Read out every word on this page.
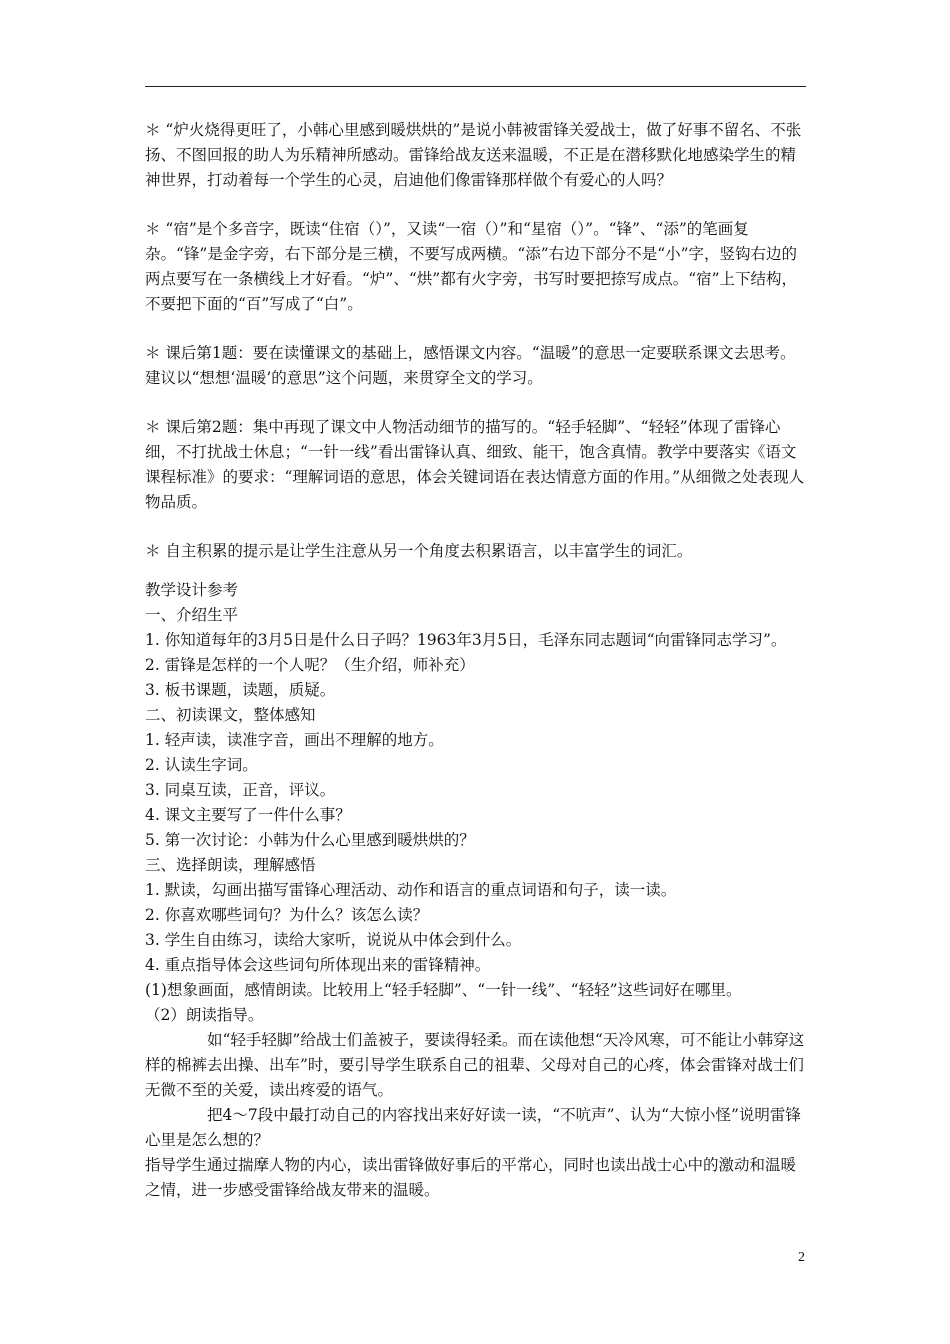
＊ “炉火烧得更旺了，小韩心里感到暖烘烘的”是说小韩被雷锋关爱战士，做了好事不留名、不张扬、不图回报的助人为乐精神所感动。雷锋给战友送来温暖，不正是在潜移默化地感染学生的精神世界，打动着每一个学生的心灵，启迪他们像雷锋那样做个有爱心的人吗？

＊ “宿”是个多音字，既读“住宿（）”，又读“一宿（）”和“星宿（）”。“锋”、“添”的笔画复杂。“锋”是金字旁，右下部分是三横，不要写成两横。“添”右边下部分不是“小”字，竖钩右边的两点要写在一条横线上才好看。“炉”、“烘”都有火字旁，书写时要把捺写成点。“宿”上下结构，不要把下面的“百”写成了“白”。

＊ 课后第1题：要在读懂课文的基础上，感悟课文内容。“温暖”的意思一定要联系课文去思考。建议以“想想‘温暖’的意思”这个问题，来贯穿全文的学习。

＊ 课后第2题：集中再现了课文中人物活动细节的描写的。“轻手轻脚”、“轻轻”体现了雷锋心细，不打扰战士休息；“一针一线”看出雷锋认真、细致、能干，饱含真情。教学中要落实《语文课程标准》的要求：“理解词语的意思，体会关键词语在表达情意方面的作用。”从细微之处表现人物品质。

＊ 自主积累的提示是让学生注意从另一个角度去积累语言，以丰富学生的词汇。

教学设计参考

一、介绍生平

1. 你知道每年的3月5日是什么日子吗？1963年3月5日，毛泽东同志题词“向雷锋同志学习”。

2. 雷锋是怎样的一个人呢？（生介绍，师补充）

3. 板书课题，读题，质疑。

二、初读课文，整体感知

1. 轻声读，读准字音，画出不理解的地方。

2. 认读生字词。

3. 同桌互读，正音，评议。

4. 课文主要写了一件什么事？

5. 第一次讨论：小韩为什么心里感到暖烘烘的？

三、选择朗读，理解感悟

1. 默读，勾画出描写雷锋心理活动、动作和语言的重点词语和句子，读一读。

2. 你喜欢哪些词句？为什么？该怎么读？

3. 学生自由练习，读给大家听，说说从中体会到什么。

4. 重点指导体会这些词句所体现出来的雷锋精神。

(1)想象画面，感情朗读。比较用上“轻手轻脚”、“一针一线”、“轻轻”这些词好在哪里。

（2）朗读指导。

如“轻手轻脚”给战士们盖被子，要读得轻柔。而在读他想“天冷风寒，可不能让小韩穿这样的棉裤去出操、出车”时，要引导学生联系自己的祖辈、父母对自己的心疼，体会雷锋对战士们无微不至的关爱，读出疼爱的语气。

把4～7段中最打动自己的内容找出来好好读一读，“不吭声”、认为“大惊小怪”说明雷锋心里是怎么想的？

指导学生通过揣摩人物的内心，读出雷锋做好事后的平常心，同时也读出战士心中的激动和温暖之情，进一步感受雷锋给战友带来的温暖。

2
